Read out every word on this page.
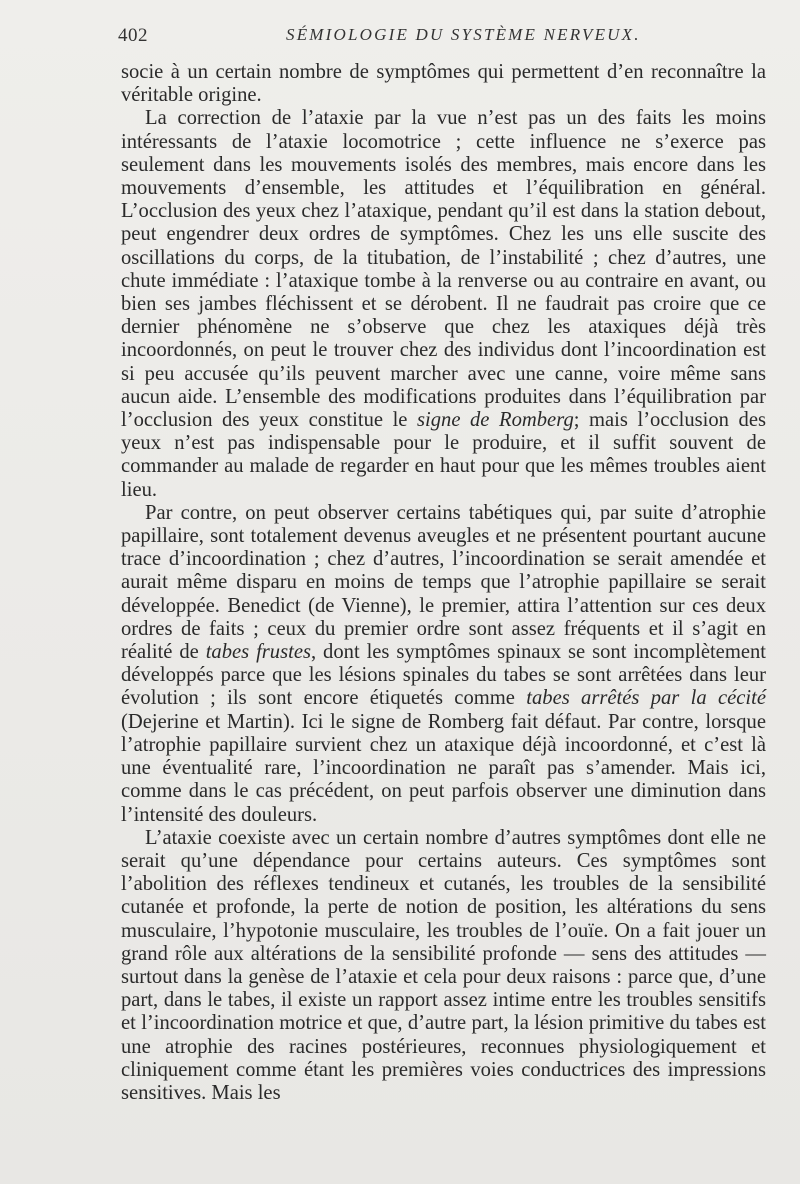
402	SÉMIOLOGIE DU SYSTÈME NERVEUX.

socie à un certain nombre de symptômes qui permettent d’en reconnaître la véritable origine.

La correction de l’ataxie par la vue n’est pas un des faits les moins intéressants de l’ataxie locomotrice ; cette influence ne s’exerce pas seulement dans les mouvements isolés des membres, mais encore dans les mouvements d’ensemble, les attitudes et l’équilibration en général. L’occlusion des yeux chez l’ataxique, pendant qu’il est dans la station debout, peut engendrer deux ordres de symptômes. Chez les uns elle suscite des oscillations du corps, de la titubation, de l’instabilité ; chez d’autres, une chute immédiate : l’ataxique tombe à la renverse ou au contraire en avant, ou bien ses jambes fléchissent et se dérobent. Il ne faudrait pas croire que ce dernier phénomène ne s’observe que chez les ataxiques déjà très incoordonnés, on peut le trouver chez des individus dont l’incoordination est si peu accusée qu’ils peuvent marcher avec une canne, voire même sans aucun aide. L’ensemble des modifications produites dans l’équilibration par l’occlusion des yeux constitue le signe de Romberg; mais l’occlusion des yeux n’est pas indispensable pour le produire, et il suffit souvent de commander au malade de regarder en haut pour que les mêmes troubles aient lieu.

Par contre, on peut observer certains tabétiques qui, par suite d’atrophie papillaire, sont totalement devenus aveugles et ne présentent pourtant aucune trace d’incoordination ; chez d’autres, l’incoordination se serait amendée et aurait même disparu en moins de temps que l’atrophie papillaire se serait développée. Benedict (de Vienne), le premier, attira l’attention sur ces deux ordres de faits ; ceux du premier ordre sont assez fréquents et il s’agit en réalité de tabes frustes, dont les symptômes spinaux se sont incomplètement développés parce que les lésions spinales du tabes se sont arrêtées dans leur évolution ; ils sont encore étiquetés comme tabes arrêtés par la cécité (Dejerine et Martin). Ici le signe de Romberg fait défaut. Par contre, lorsque l’atrophie papillaire survient chez un ataxique déjà incoordonné, et c’est là une éventualité rare, l’incoordination ne paraît pas s’amender. Mais ici, comme dans le cas précédent, on peut parfois observer une diminution dans l’intensité des douleurs.

L’ataxie coexiste avec un certain nombre d’autres symptômes dont elle ne serait qu’une dépendance pour certains auteurs. Ces symptômes sont l’abolition des réflexes tendineux et cutanés, les troubles de la sensibilité cutanée et profonde, la perte de notion de position, les altérations du sens musculaire, l’hypotonie musculaire, les troubles de l’ouïe. On a fait jouer un grand rôle aux altérations de la sensibilité profonde — sens des attitudes — surtout dans la genèse de l’ataxie et cela pour deux raisons : parce que, d’une part, dans le tabes, il existe un rapport assez intime entre les troubles sensitifs et l’incoordination motrice et que, d’autre part, la lésion primitive du tabes est une atrophie des racines postérieures, reconnues physiologiquement et cliniquement comme étant les premières voies conductrices des impressions sensitives. Mais les
